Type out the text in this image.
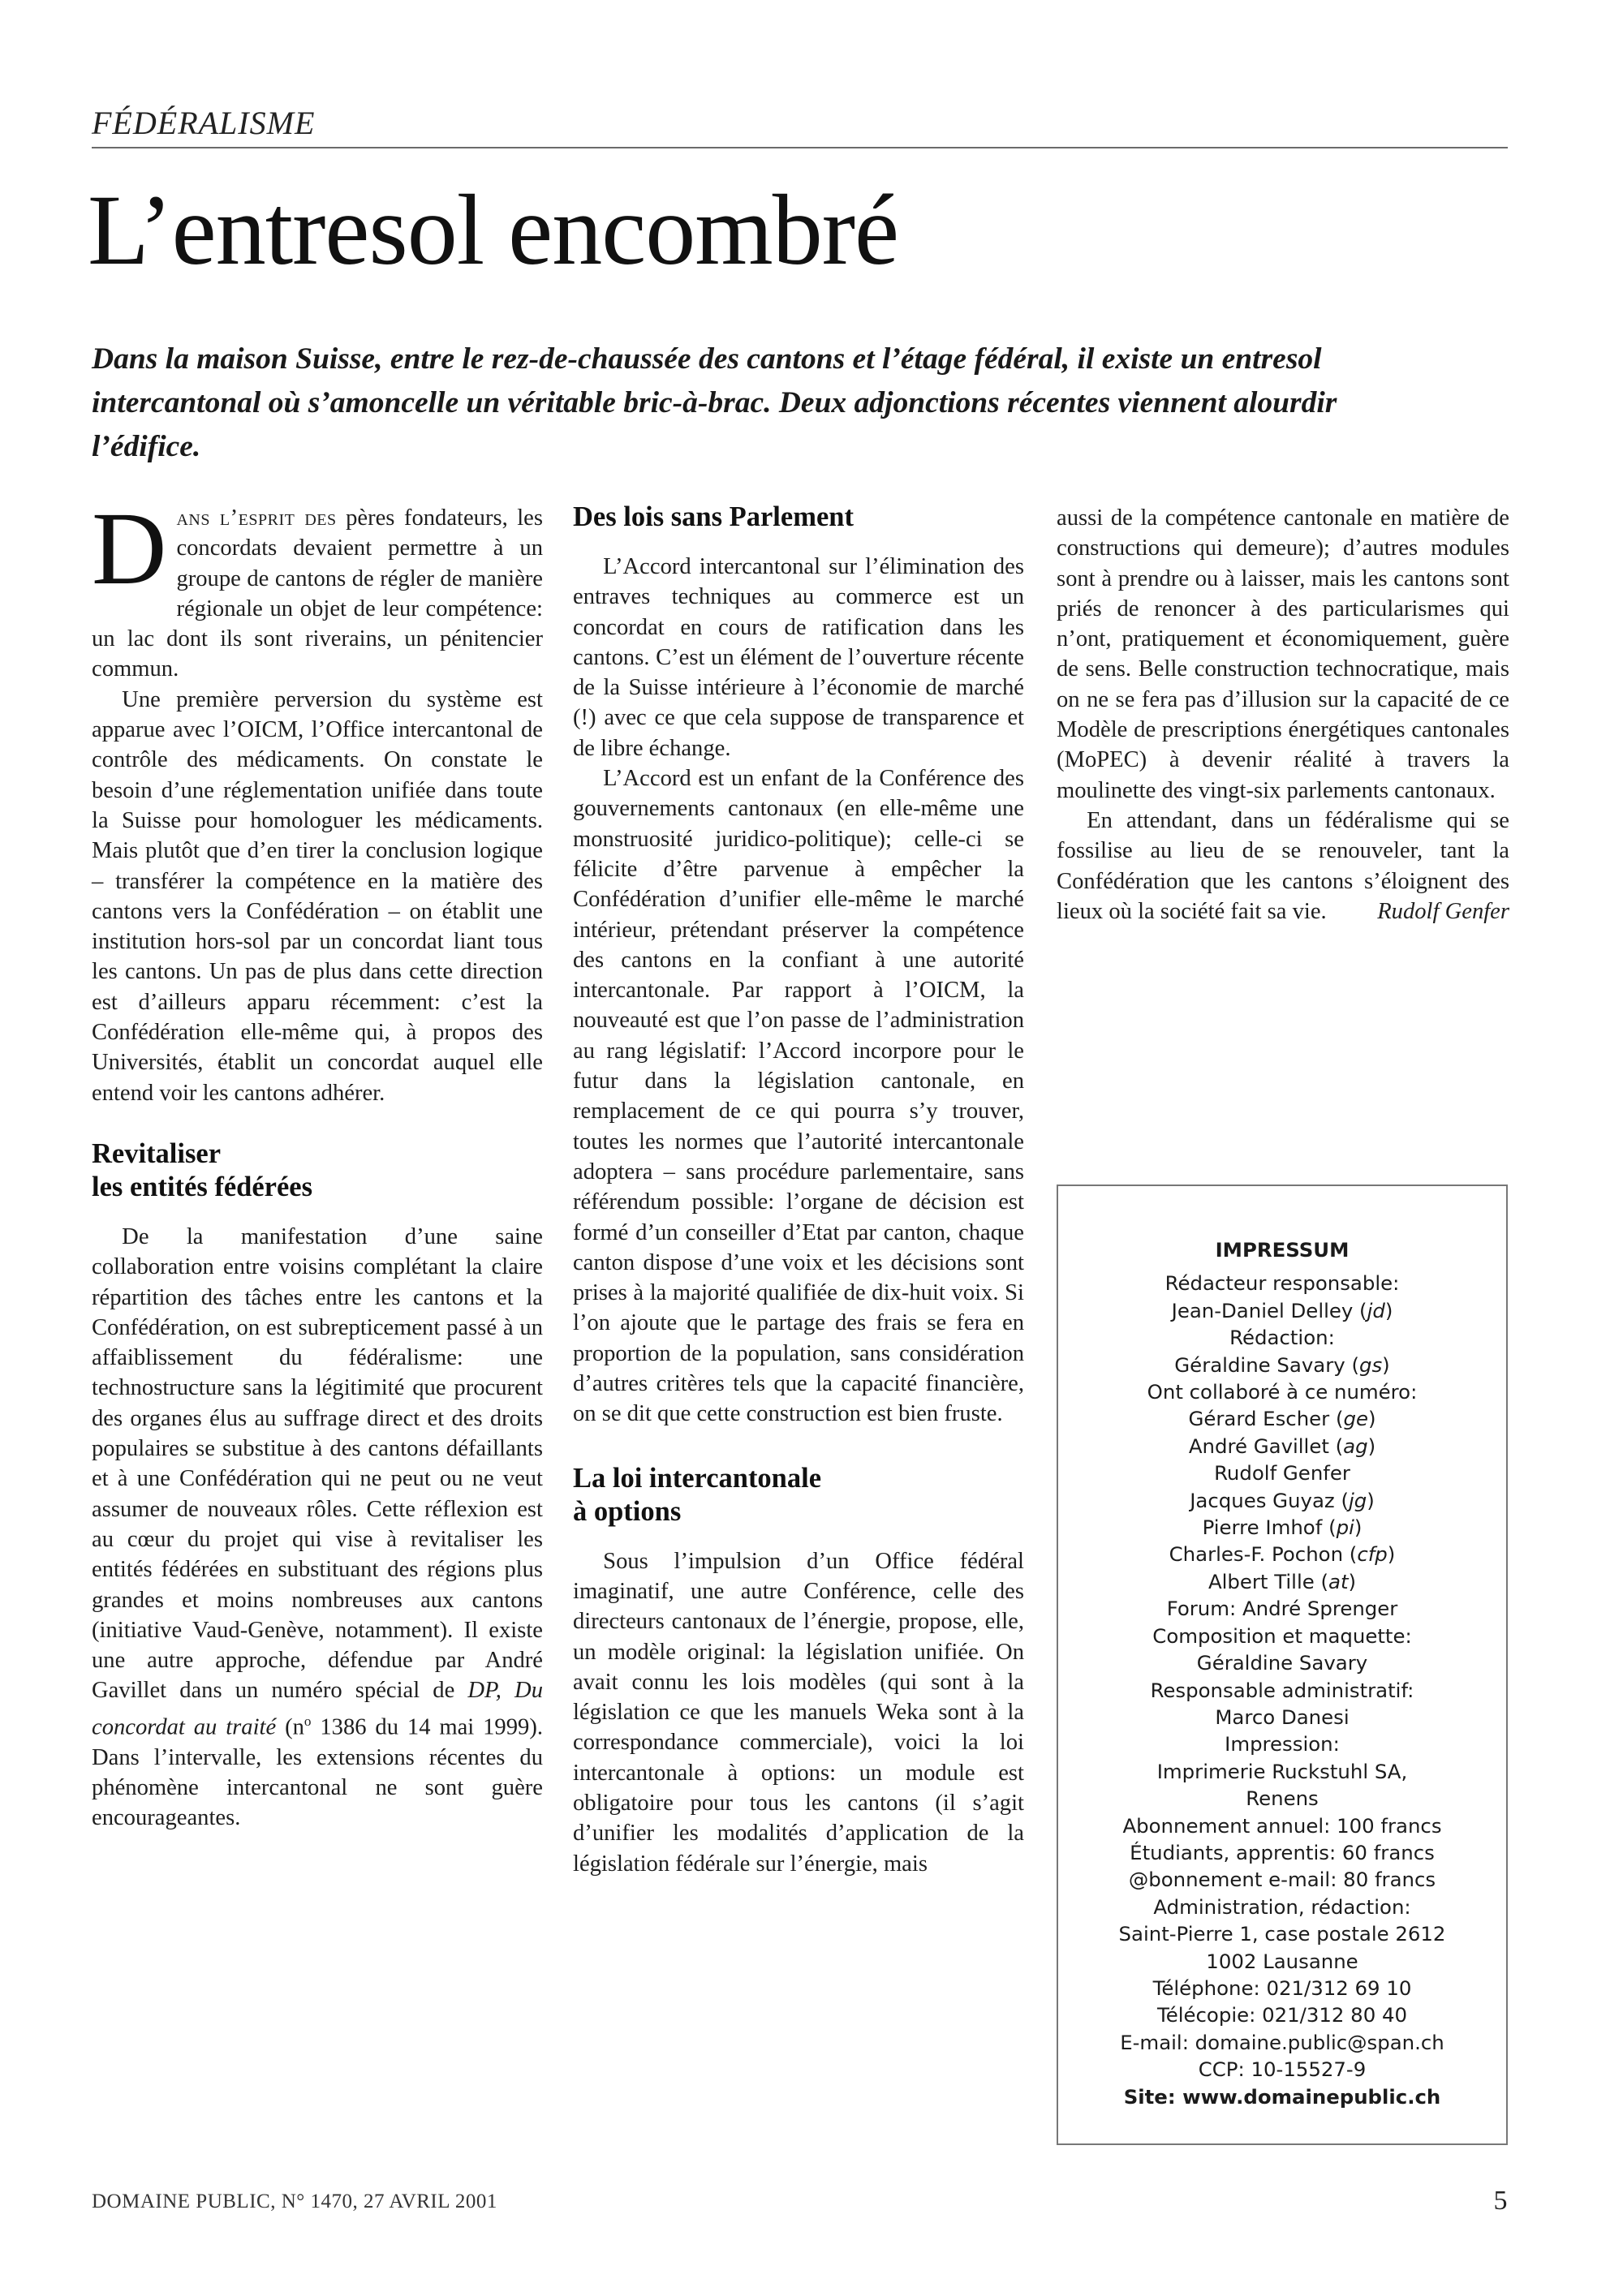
FÉDÉRALISME
L’entresol encombré
Dans la maison Suisse, entre le rez-de-chaussée des cantons et l’étage fédéral, il existe un entresol intercantonal où s’amoncelle un véritable bric-à-brac. Deux adjonctions récentes viennent alourdir l’édifice.

Dans l’esprit des pères fondateurs, les concordats devaient permettre à un groupe de cantons de régler de manière régionale un objet de leur compétence: un lac dont ils sont riverains, un pénitencier commun.

Une première perversion du système est apparue avec l’OICM, l’Office intercantonal de contrôle des médicaments. On constate le besoin d’une réglementation unifiée dans toute la Suisse pour homologuer les médicaments. Mais plutôt que d’en tirer la conclusion logique – transférer la compétence en la matière des cantons vers la Confédération – on établit une institution hors-sol par un concordat liant tous les cantons. Un pas de plus dans cette direction est d’ailleurs apparu récemment: c’est la Confédération elle-même qui, à propos des Universités, établit un concordat auquel elle entend voir les cantons adhérer.

Revitaliser
les entités fédérées

De la manifestation d’une saine collaboration entre voisins complétant la claire répartition des tâches entre les cantons et la Confédération, on est subrepticement passé à un affaiblissement du fédéralisme: une technostructure sans la légitimité que procurent des organes élus au suffrage direct et des droits populaires se substitue à des cantons défaillants et à une Confédération qui ne peut ou ne veut assumer de nouveaux rôles. Cette réflexion est au cœur du projet qui vise à revitaliser les entités fédérées en substituant des régions plus grandes et moins nombreuses aux cantons (initiative Vaud-Genève, notamment). Il existe une autre approche, défendue par André Gavillet dans un numéro spécial de DP, Du concordat au traité ($n^o$ 1386 du 14 mai 1999). Dans l’intervalle, les extensions récentes du phénomène intercantonal ne sont guère encourageantes.

Des lois sans Parlement

L’Accord intercantonal sur l’élimination des entraves techniques au commerce est un concordat en cours de ratification dans les cantons. C’est un élément de l’ouverture récente de la Suisse intérieure à l’économie de marché (!) avec ce que cela suppose de transparence et de libre échange.

L’Accord est un enfant de la Conférence des gouvernements cantonaux (en elle-même une monstruosité juridico-politique); celle-ci se félicite d’être parvenue à empêcher la Confédération d’unifier elle-même le marché intérieur, prétendant préserver la compétence des cantons en la confiant à une autorité intercantonale. Par rapport à l’OICM, la nouveauté est que l’on passe de l’administration au rang législatif: l’Accord incorpore pour le futur dans la législation cantonale, en remplacement de ce qui pourra s’y trouver, toutes les normes que l’autorité intercantonale adoptera – sans procédure parlementaire, sans référendum possible: l’organe de décision est formé d’un conseiller d’Etat par canton, chaque canton dispose d’une voix et les décisions sont prises à la majorité qualifiée de dix-huit voix. Si l’on ajoute que le partage des frais se fera en proportion de la population, sans considération d’autres critères tels que la capacité financière, on se dit que cette construction est bien fruste.

La loi intercantonale
à options

Sous l’impulsion d’un Office fédéral imaginatif, une autre Conférence, celle des directeurs cantonaux de l’énergie, propose, elle, un modèle original: la législation unifiée. On avait connu les lois modèles (qui sont à la législation ce que les manuels Weka sont à la correspondance commerciale), voici la loi intercantonale à options: un module est obligatoire pour tous les cantons (il s’agit d’unifier les modalités d’application de la législation fédérale sur l’énergie, mais

aussi de la compétence cantonale en matière de constructions qui demeure); d’autres modules sont à prendre ou à laisser, mais les cantons sont priés de renoncer à des particularismes qui n’ont, pratiquement et économiquement, guère de sens. Belle construction technocratique, mais on ne se fera pas d’illusion sur la capacité de ce Modèle de prescriptions énergétiques cantonales (MoPEC) à devenir réalité à travers la moulinette des vingt-six parlements cantonaux.

En attendant, dans un fédéralisme qui se fossilise au lieu de se renouveler, tant la Confédération que les cantons s’éloignent des lieux où la société fait sa vie. Rudolf Genfer

IMPRESSUM
Rédacteur responsable:
Jean-Daniel Delley (jd)
Rédaction:
Géraldine Savary (gs)
Ont collaboré à ce numéro:
Gérard Escher (ge)
André Gavillet (ag)
Rudolf Genfer
Jacques Guyaz (jg)
Pierre Imhof (pi)
Charles-F. Pochon (cfp)
Albert Tille (at)
Forum: André Sprenger
Composition et maquette:
Géraldine Savary
Responsable administratif:
Marco Danesi
Impression:
Imprimerie Ruckstuhl SA,
Renens
Abonnement annuel: 100 francs
Étudiants, apprentis: 60 francs
@bonnement e-mail: 80 francs
Administration, rédaction:
Saint-Pierre 1, case postale 2612
1002 Lausanne
Téléphone: 021/312 69 10
Télécopie: 021/312 80 40
E-mail: domaine.public@span.ch
CCP: 10-15527-9
Site: www.domainepublic.ch
DOMAINE PUBLIC, N° 1470, 27 AVRIL 2001	5
